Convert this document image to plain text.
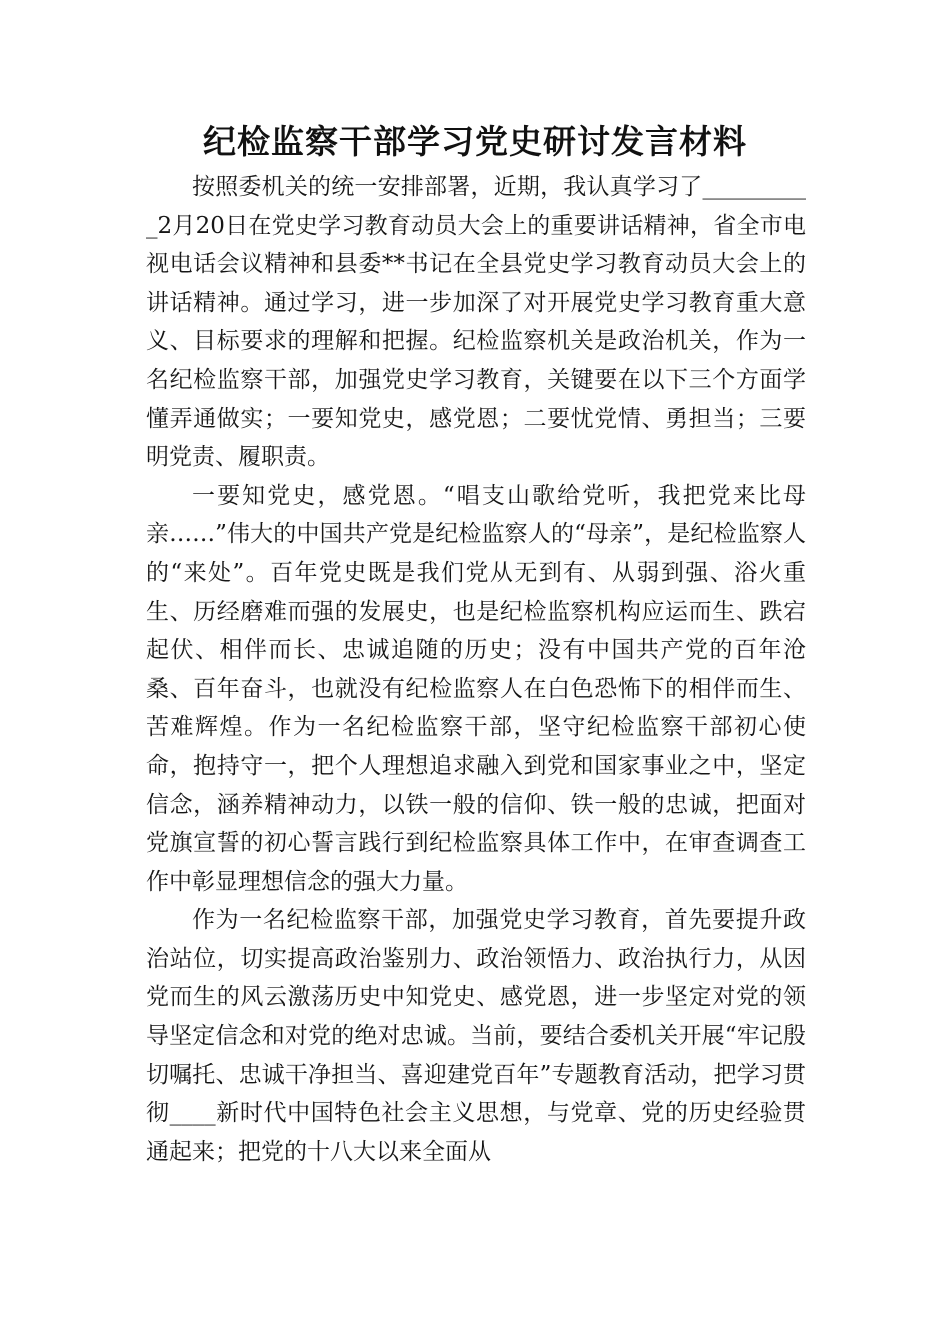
纪检监察干部学习党史研讨发言材料

按照委机关的统一安排部署，近期，我认真学习了__________2月20日在党史学习教育动员大会上的重要讲话精神，省全市电视电话会议精神和县委**书记在全县党史学习教育动员大会上的讲话精神。通过学习，进一步加深了对开展党史学习教育重大意义、目标要求的理解和把握。纪检监察机关是政治机关，作为一名纪检监察干部，加强党史学习教育，关键要在以下三个方面学懂弄通做实；一要知党史，感党恩；二要忧党情、勇担当；三要明党责、履职责。

一要知党史，感党恩。“唱支山歌给党听，我把党来比母亲……”伟大的中国共产党是纪检监察人的“母亲”，是纪检监察人的“来处”。百年党史既是我们党从无到有、从弱到强、浴火重生、历经磨难而强的发展史，也是纪检监察机构应运而生、跌宕起伏、相伴而长、忠诚追随的历史；没有中国共产党的百年沧桑、百年奋斗，也就没有纪检监察人在白色恐怖下的相伴而生、苦难辉煌。作为一名纪检监察干部，坚守纪检监察干部初心使命，抱持守一，把个人理想追求融入到党和国家事业之中，坚定信念，涵养精神动力，以铁一般的信仰、铁一般的忠诚，把面对党旗宣誓的初心誓言践行到纪检监察具体工作中，在审查调查工作中彰显理想信念的强大力量。

作为一名纪检监察干部，加强党史学习教育，首先要提升政治站位，切实提高政治鉴别力、政治领悟力、政治执行力，从因党而生的风云激荡历史中知党史、感党恩，进一步坚定对党的领导坚定信念和对党的绝对忠诚。当前，要结合委机关开展“牢记殷切嘱托、忠诚干净担当、喜迎建党百年”专题教育活动，把学习贯彻____新时代中国特色社会主义思想，与党章、党的历史经验贯通起来；把党的十八大以来全面从
